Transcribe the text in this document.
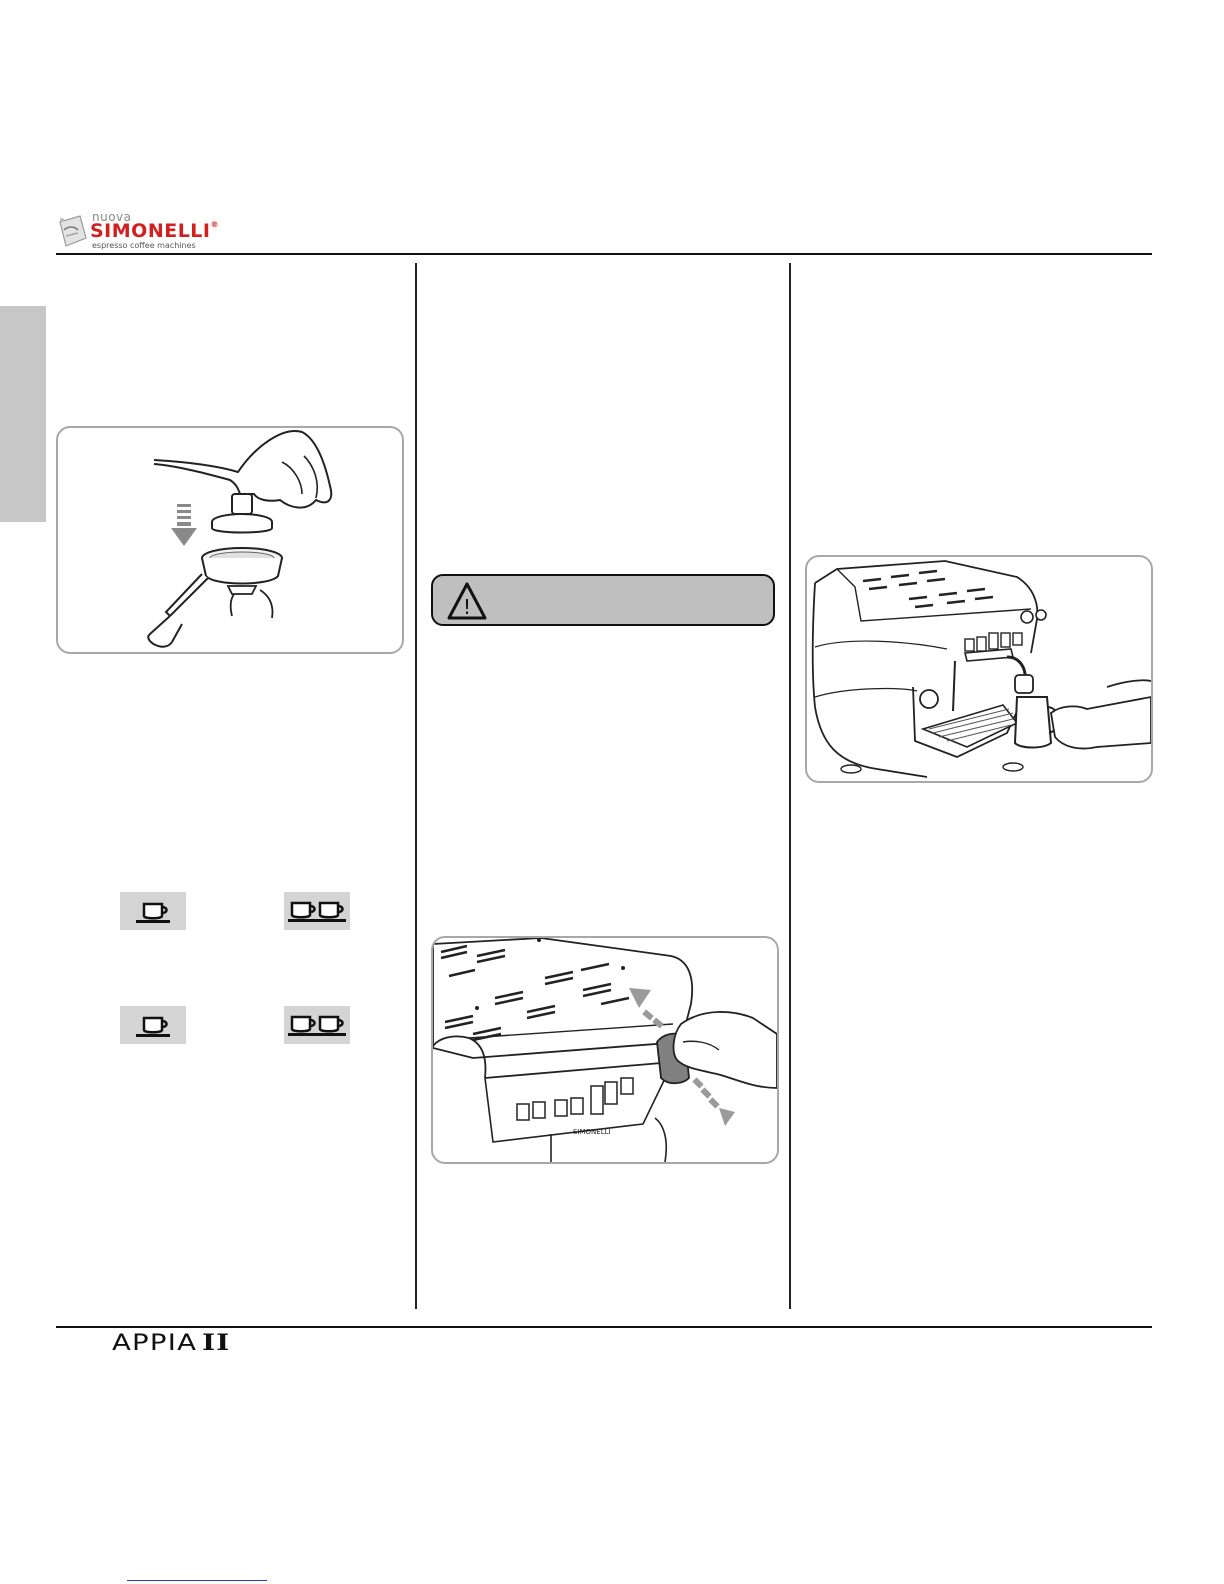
nuova
SIMONELLI®
espresso coffee machines
!
SIMONELLI
APPIA II
